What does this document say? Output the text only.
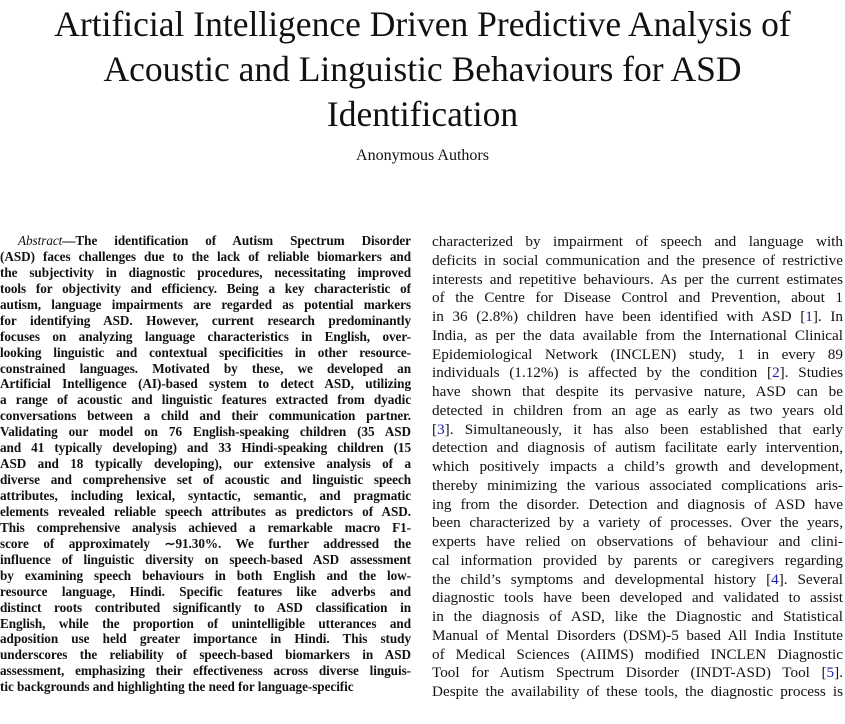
Artificial Intelligence Driven Predictive Analysis of
Acoustic and Linguistic Behaviours for ASD
Identification
Anonymous Authors
Abstract—The identification of Autism Spectrum Disorder
(ASD) faces challenges due to the lack of reliable biomarkers and
the subjectivity in diagnostic procedures, necessitating improved
tools for objectivity and efficiency. Being a key characteristic of
autism, language impairments are regarded as potential markers
for identifying ASD. However, current research predominantly
focuses on analyzing language characteristics in English, over-
looking linguistic and contextual specificities in other resource-
constrained languages. Motivated by these, we developed an
Artificial Intelligence (AI)-based system to detect ASD, utilizing
a range of acoustic and linguistic features extracted from dyadic
conversations between a child and their communication partner.
Validating our model on 76 English-speaking children (35 ASD
and 41 typically developing) and 33 Hindi-speaking children (15
ASD and 18 typically developing), our extensive analysis of a
diverse and comprehensive set of acoustic and linguistic speech
attributes, including lexical, syntactic, semantic, and pragmatic
elements revealed reliable speech attributes as predictors of ASD.
This comprehensive analysis achieved a remarkable macro F1-
score of approximately ∼91.30%. We further addressed the
influence of linguistic diversity on speech-based ASD assessment
by examining speech behaviours in both English and the low-
resource language, Hindi. Specific features like adverbs and
distinct roots contributed significantly to ASD classification in
English, while the proportion of unintelligible utterances and
adposition use held greater importance in Hindi. This study
underscores the reliability of speech-based biomarkers in ASD
assessment, emphasizing their effectiveness across diverse linguis-
tic backgrounds and highlighting the need for language-specific
characterized by impairment of speech and language with
deficits in social communication and the presence of restrictive
interests and repetitive behaviours. As per the current estimates
of the Centre for Disease Control and Prevention, about 1
in 36 (2.8%) children have been identified with ASD [1]. In
India, as per the data available from the International Clinical
Epidemiological Network (INCLEN) study, 1 in every 89
individuals (1.12%) is affected by the condition [2]. Studies
have shown that despite its pervasive nature, ASD can be
detected in children from an age as early as two years old
[3]. Simultaneously, it has also been established that early
detection and diagnosis of autism facilitate early intervention,
which positively impacts a child’s growth and development,
thereby minimizing the various associated complications aris-
ing from the disorder. Detection and diagnosis of ASD have
been characterized by a variety of processes. Over the years,
experts have relied on observations of behaviour and clini-
cal information provided by parents or caregivers regarding
the child’s symptoms and developmental history [4]. Several
diagnostic tools have been developed and validated to assist
in the diagnosis of ASD, like the Diagnostic and Statistical
Manual of Mental Disorders (DSM)-5 based All India Institute
of Medical Sciences (AIIMS) modified INCLEN Diagnostic
Tool for Autism Spectrum Disorder (INDT-ASD) Tool [5].
Despite the availability of these tools, the diagnostic process is
